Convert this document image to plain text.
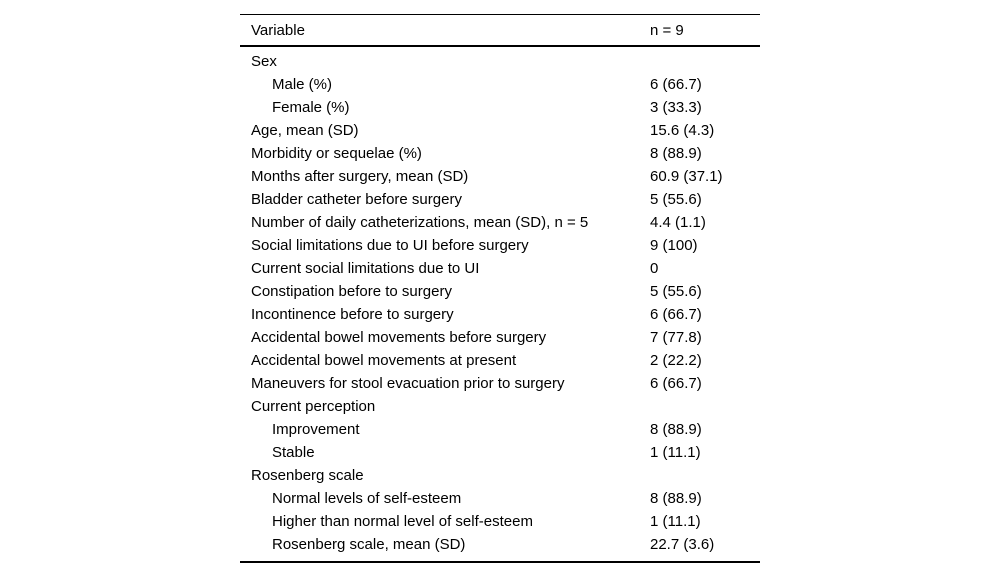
Variable	n = 9
Sex
Male (%)	6 (66.7)
Female (%)	3 (33.3)
Age, mean (SD)	15.6 (4.3)
Morbidity or sequelae (%)	8 (88.9)
Months after surgery, mean (SD)	60.9 (37.1)
Bladder catheter before surgery	5 (55.6)
Number of daily catheterizations, mean (SD), n = 5	4.4 (1.1)
Social limitations due to UI before surgery	9 (100)
Current social limitations due to UI	0
Constipation before to surgery	5 (55.6)
Incontinence before to surgery	6 (66.7)
Accidental bowel movements before surgery	7 (77.8)
Accidental bowel movements at present	2 (22.2)
Maneuvers for stool evacuation prior to surgery	6 (66.7)
Current perception
Improvement	8 (88.9)
Stable	1 (11.1)
Rosenberg scale
Normal levels of self-esteem	8 (88.9)
Higher than normal level of self-esteem	1 (11.1)
Rosenberg scale, mean (SD)	22.7 (3.6)
